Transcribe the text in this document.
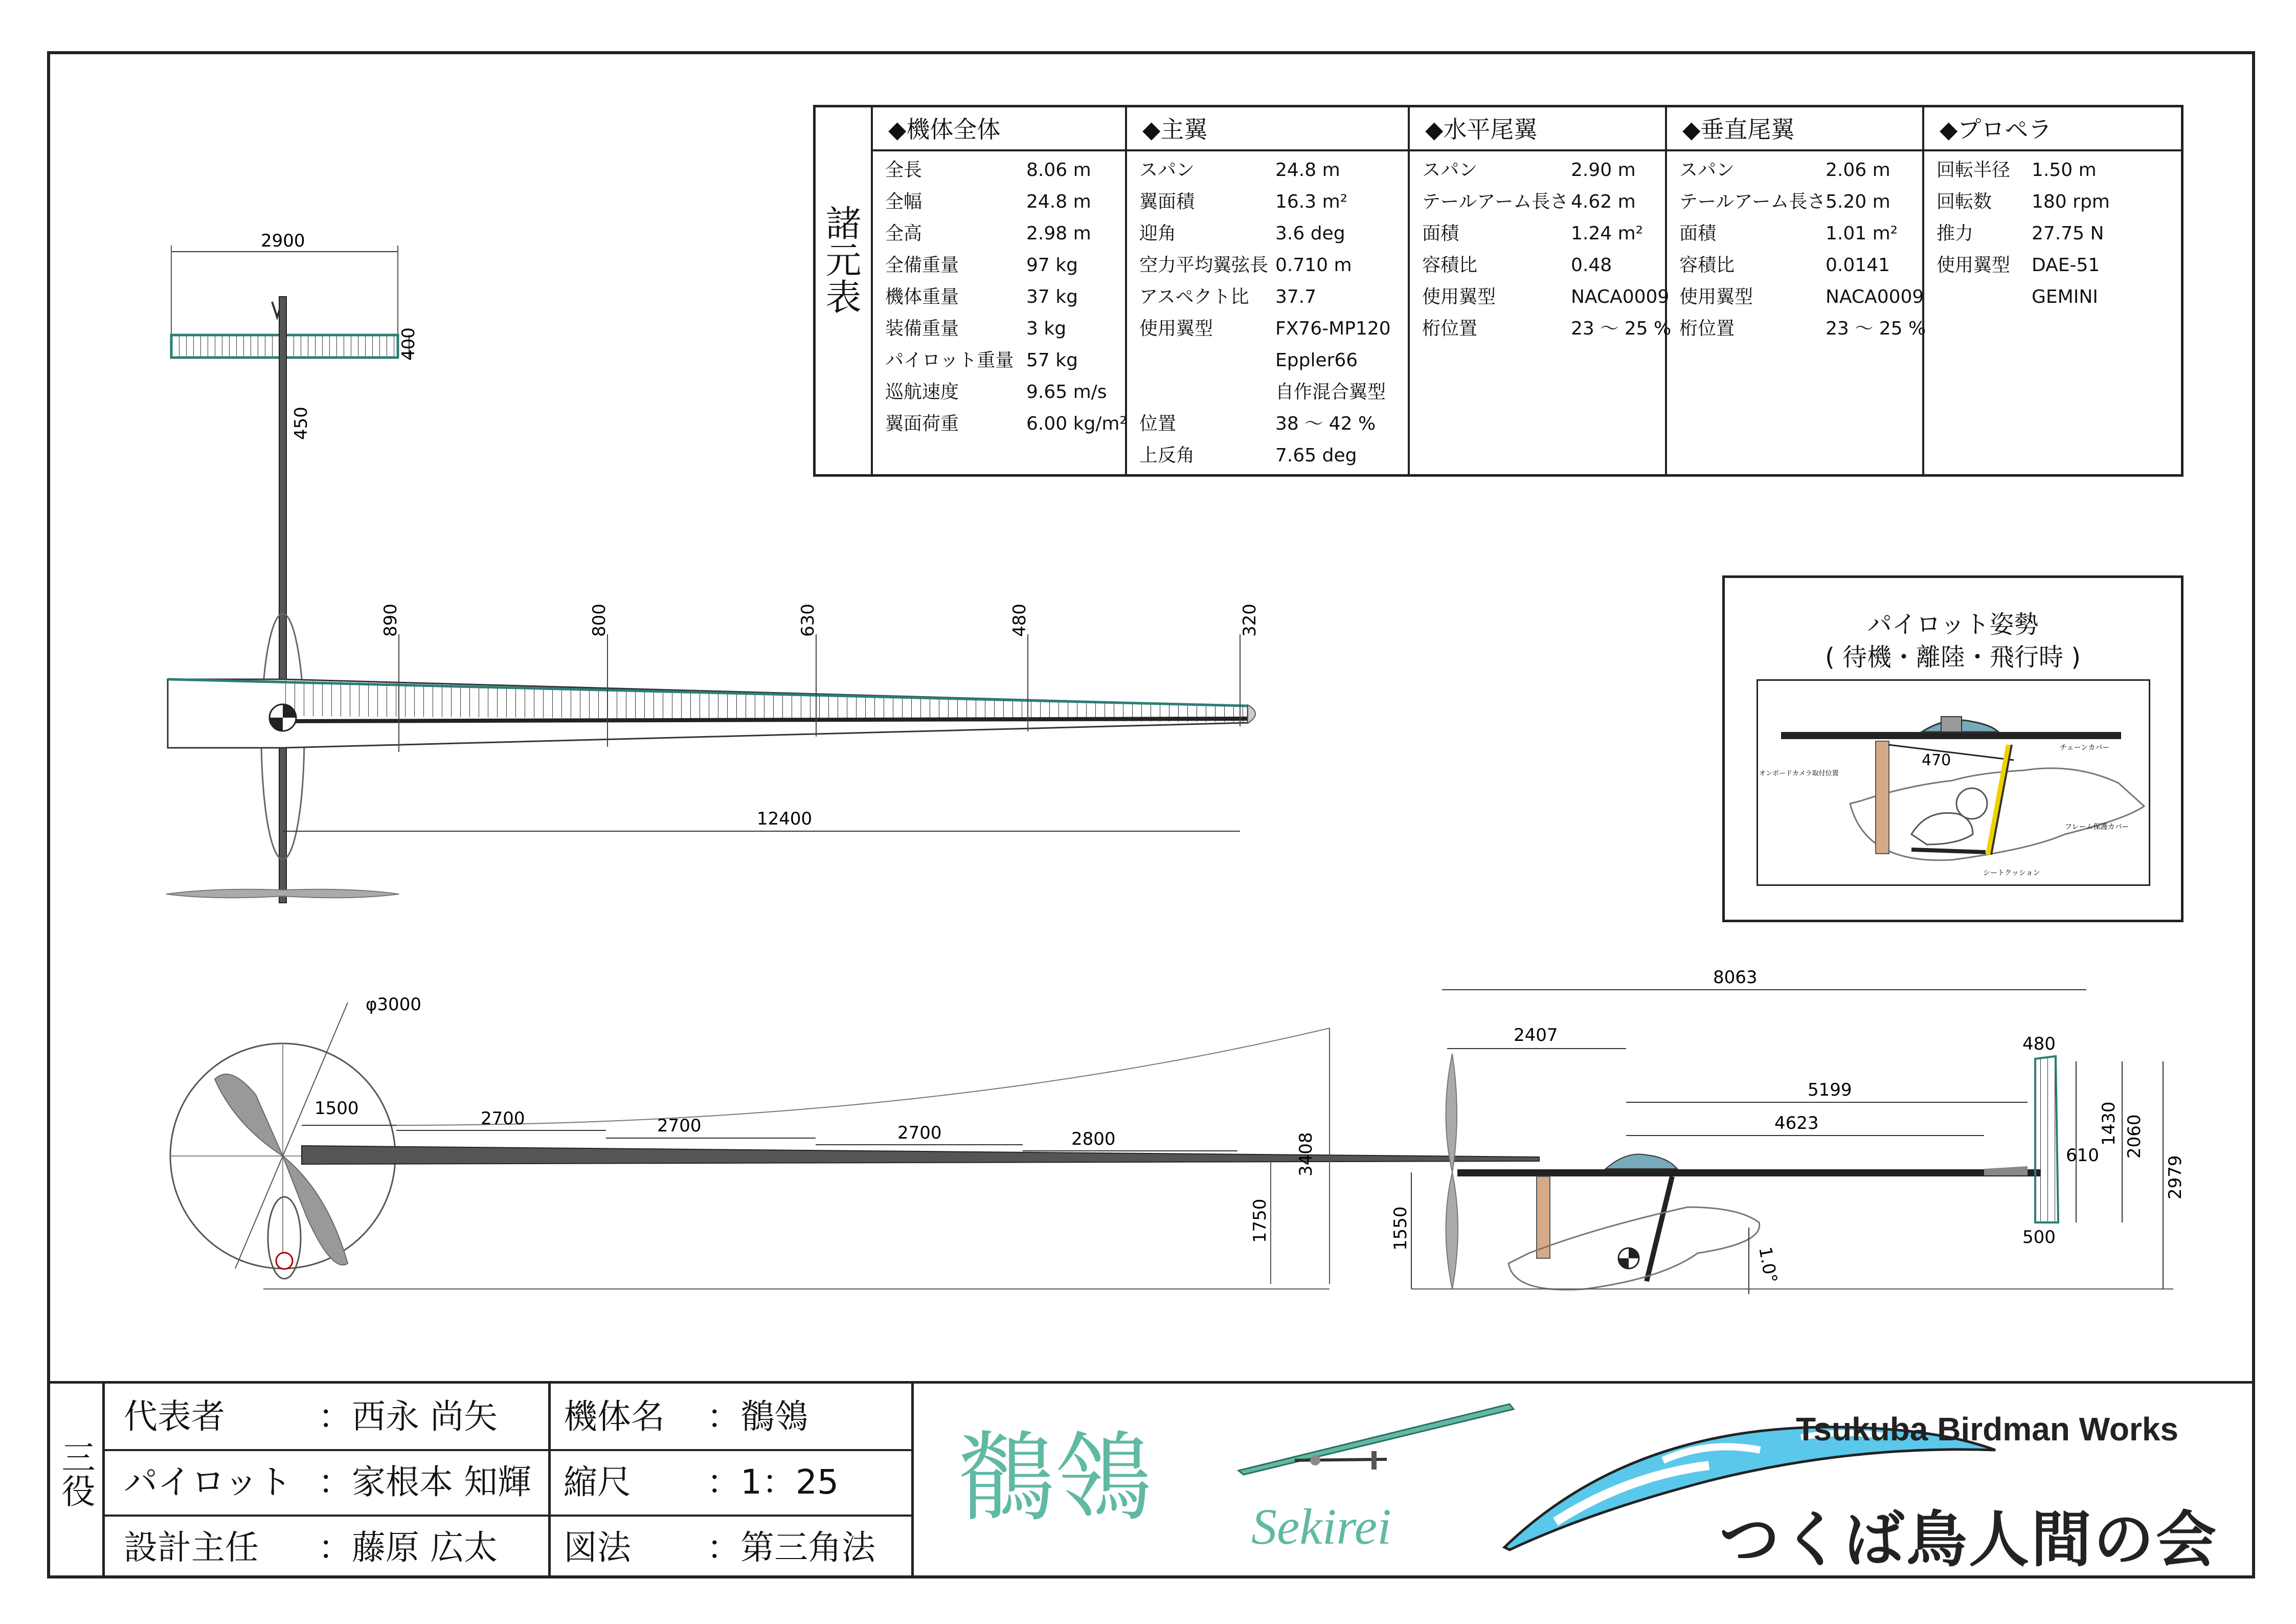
諸元表
◆機体全体
全長	8.06 m
全幅	24.8 m
全高	2.98 m
全備重量	97 kg
機体重量	37 kg
装備重量	3 kg
パイロット重量 57 kg
巡航速度	9.65 m/s
翼面荷重	6.00 kg/m²
◆主翼
スパン	24.8 m
翼面積	16.3 m²
迎角	3.6 deg
空力平均翼弦長 0.710 m
アスペクト比 37.7
使用翼型	FX76-MP120
Eppler66
自作混合翼型
位置	38 ～ 42 %
上反角	7.65 deg
◆水平尾翼
スパン	2.90 m
テールアーム長さ 4.62 m
面積	1.24 m²
容積比	0.48
使用翼型	NACA0009
桁位置	23 ～ 25 %
◆垂直尾翼
スパン	2.06 m
テールアーム長さ 5.20 m
面積	1.01 m²
容積比	0.0141
使用翼型	NACA0009
桁位置	23 ～ 25 %
◆プロペラ
回転半径 1.50 m
回転数 180 rpm
推力	27.75 N
使用翼型 DAE-51
GEMINI
パイロット姿勢
( 待機・離陸・飛行時 )
470
オンボードカメラ取付位置
チェーンカバー
フレーム保護カバー
シートクッション
2900
400
450
890	800	630	480	320
12400
φ3000
3408
1750
1500	2700	2700	2700	2800
8063
2407
5199
4623
480
1430 2060
2979
610
500
1550
1.0°
三役
代表者	：西永 尚矢 機体名 ：鶺鴒
パイロット ：家根本 知輝 縮尺 ：1：25
設計主任 ：藤原 広太 図法 ：第三角法
鶺鴒 Sekirei
Tsukuba Birdman Works
つくば鳥人間の会
